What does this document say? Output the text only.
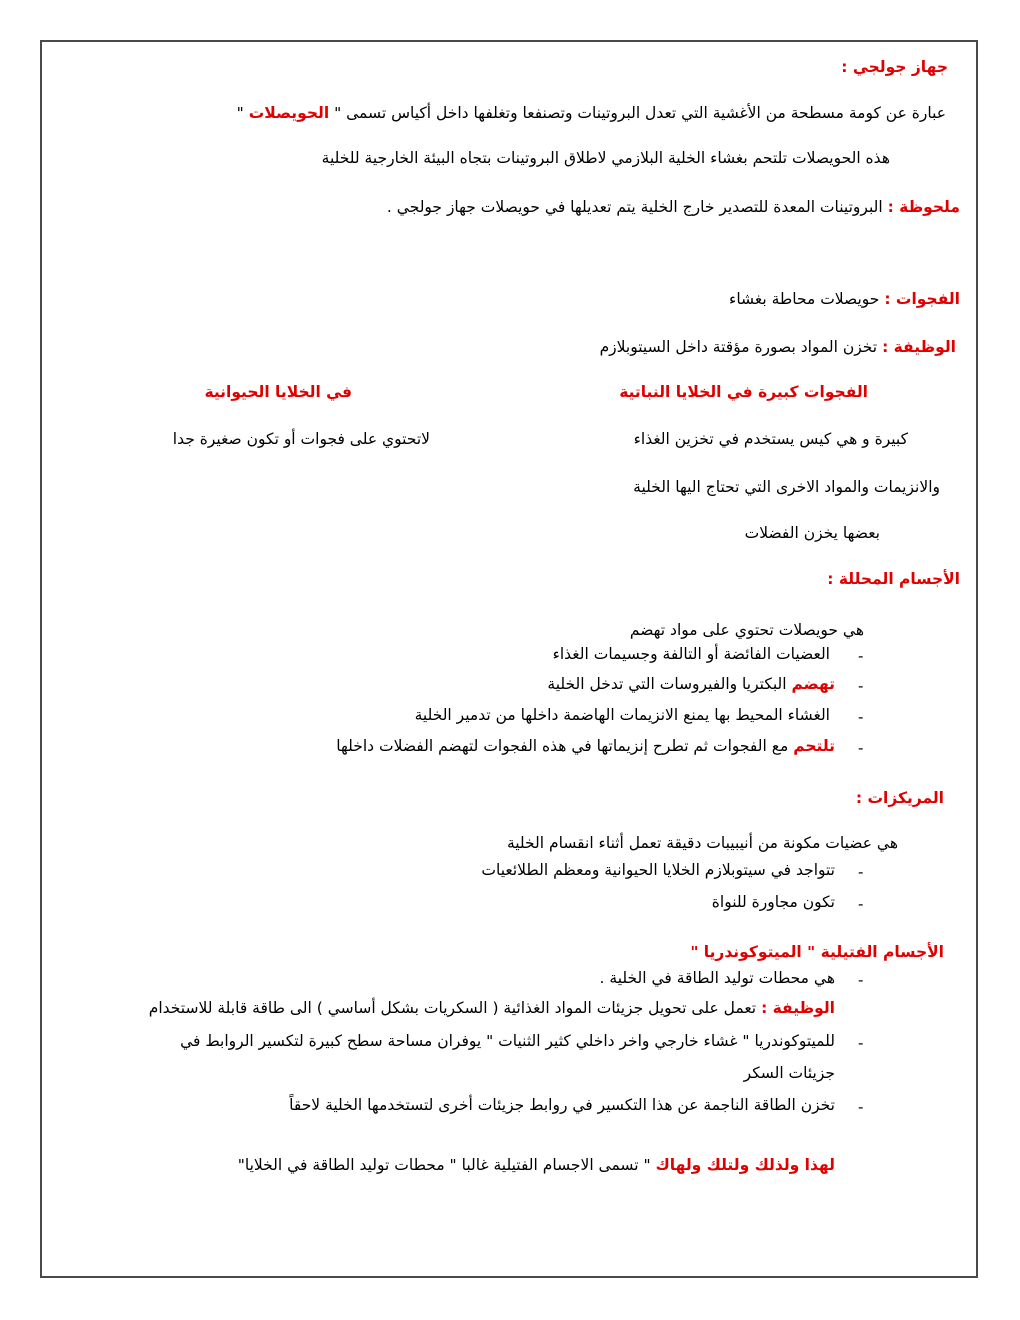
جهاز جولجي :
عبارة عن كومة مسطحة من الأغشية التي تعدل البروتينات وتصنفعا وتغلفها داخل أكياس تسمى " الحويصلات "
هذه الحويصلات تلتحم بغشاء الخلية البلازمي لاطلاق البروتينات بتجاه البيئة الخارجية للخلية
ملحوظة : البروتينات المعدة للتصدير خارج الخلية يتم تعديلها في حويصلات جهاز جولجي .
الفجوات : حويصلات محاطة بغشاء
الوظيفة : تخزن المواد بصورة مؤقتة داخل السيتوبلازم
الفجوات كبيرة في الخلايا النباتية
في الخلايا الحيوانية
كبيرة و هي كيس يستخدم في تخزين الغذاء
لاتحتوي على فجوات أو تكون صغيرة جدا
والانزيمات والمواد الاخرى التي تحتاج اليها الخلية
بعضها يخزن الفضلات
الأجسام المحللة :
هي حويصلات تحتوي على مواد تهضم
-
العضيات الفائضة أو التالفة وجسيمات الغذاء
-
تهضم البكتريا والفيروسات التي تدخل الخلية
-
الغشاء المحيط بها يمنع الانزيمات الهاضمة داخلها من تدمير الخلية
-
تلتحم مع الفجوات ثم تطرح إنزيماتها في هذه الفجوات لتهضم الفضلات داخلها
المريكزات :
هي عضيات مكونة من أنيبيبات دقيقة تعمل أثناء انقسام الخلية
-
تتواجد في سيتوبلازم الخلايا الحيوانية ومعظم الطلائعيات
-
تكون مجاورة للنواة
الأجسام الفتيلية " الميتوكوندريا "
-
هي محطات توليد الطاقة في الخلية .
الوظيفة : تعمل على تحويل جزيئات المواد الغذائية ( السكريات بشكل أساسي ) الى طاقة قابلة للاستخدام
-
للميتوكوندريا " غشاء خارجي واخر داخلي كثير الثنيات " يوفران مساحة سطح كبيرة لتكسير الروابط في
جزيئات السكر
-
تخزن الطاقة الناجمة عن هذا التكسير في روابط جزيئات أخرى لتستخدمها الخلية لاحقاً
لهذا ولذلك ولتلك ولهاك " تسمى الاجسام الفتيلية غالبا " محطات توليد الطاقة في الخلايا"
